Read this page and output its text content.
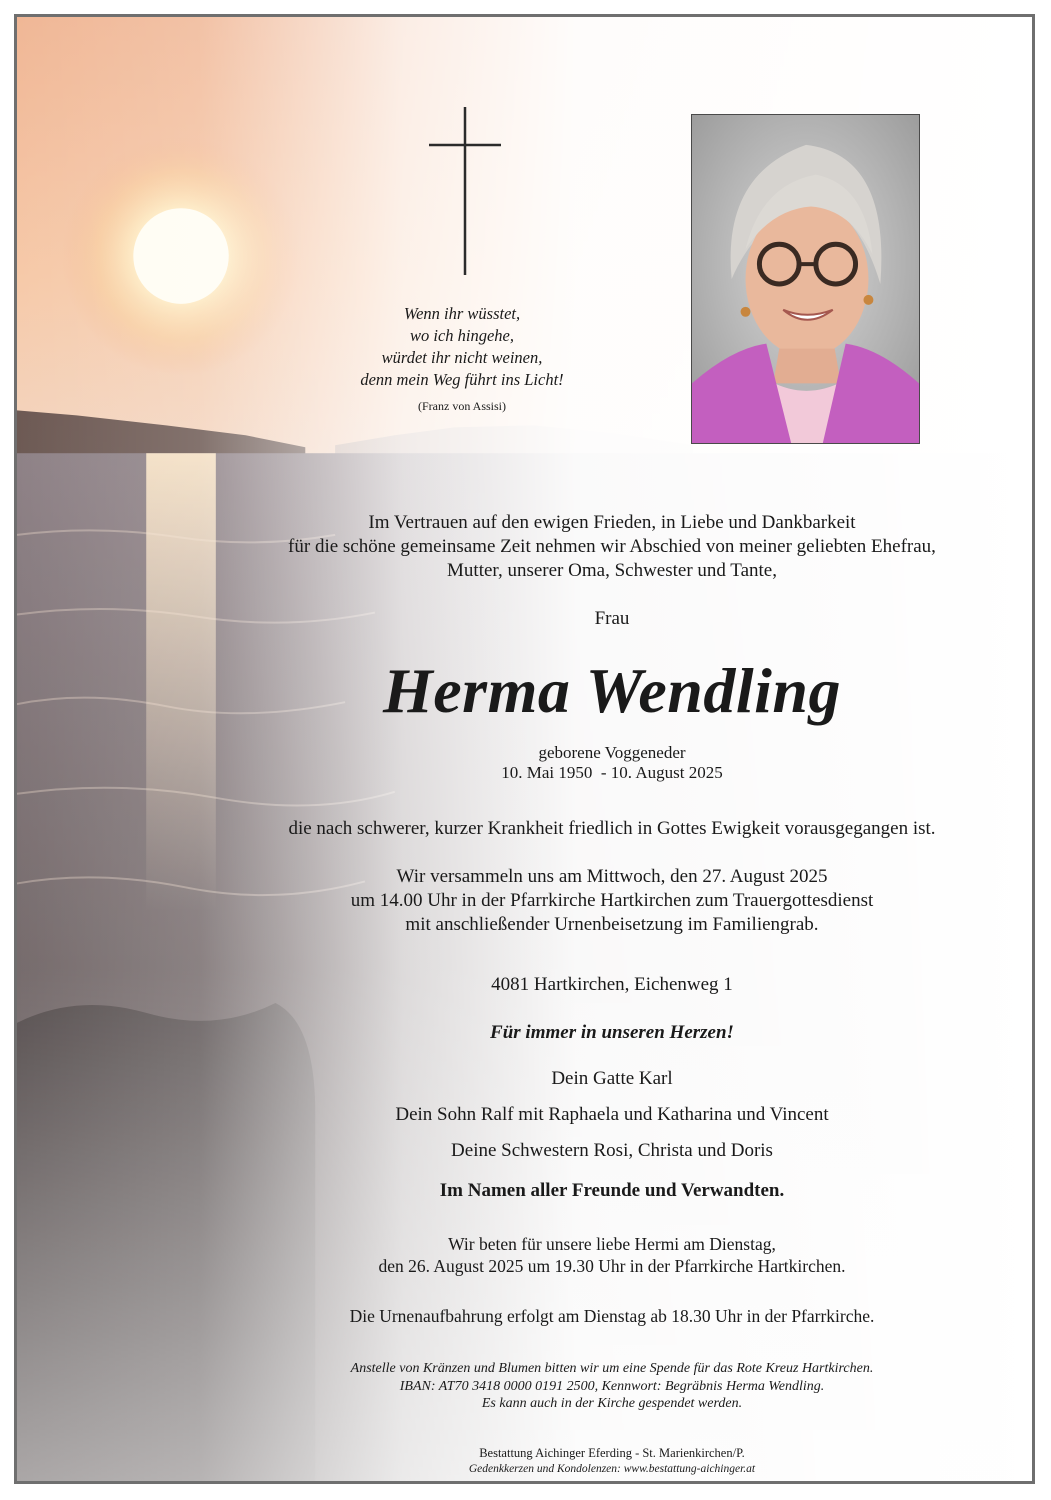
Wenn ihr wüsstet,
wo ich hingehe,
würdet ihr nicht weinen,
denn mein Weg führt ins Licht!
(Franz von Assisi)
Im Vertrauen auf den ewigen Frieden, in Liebe und Dankbarkeit
für die schöne gemeinsame Zeit nehmen wir Abschied von meiner geliebten Ehefrau,
Mutter, unserer Oma, Schwester und Tante,
Frau
Herma Wendling
geborene Voggeneder
10. Mai 1950  - 10. August 2025
die nach schwerer, kurzer Krankheit friedlich in Gottes Ewigkeit vorausgegangen ist.
Wir versammeln uns am Mittwoch, den 27. August 2025
um 14.00 Uhr in der Pfarrkirche Hartkirchen zum Trauergottesdienst
mit anschließender Urnenbeisetzung im Familiengrab.
4081 Hartkirchen, Eichenweg 1
Für immer in unseren Herzen!
Dein Gatte Karl
Dein Sohn Ralf mit Raphaela und Katharina und Vincent
Deine Schwestern Rosi, Christa und Doris
Im Namen aller Freunde und Verwandten.
Wir beten für unsere liebe Hermi am Dienstag,
den 26. August 2025 um 19.30 Uhr in der Pfarrkirche Hartkirchen.
Die Urnenaufbahrung erfolgt am Dienstag ab 18.30 Uhr in der Pfarrkirche.
Anstelle von Kränzen und Blumen bitten wir um eine Spende für das Rote Kreuz Hartkirchen.
IBAN: AT70 3418 0000 0191 2500, Kennwort: Begräbnis Herma Wendling.
Es kann auch in der Kirche gespendet werden.
Bestattung Aichinger Eferding - St. Marienkirchen/P.
Gedenkkerzen und Kondolenzen: www.bestattung-aichinger.at
